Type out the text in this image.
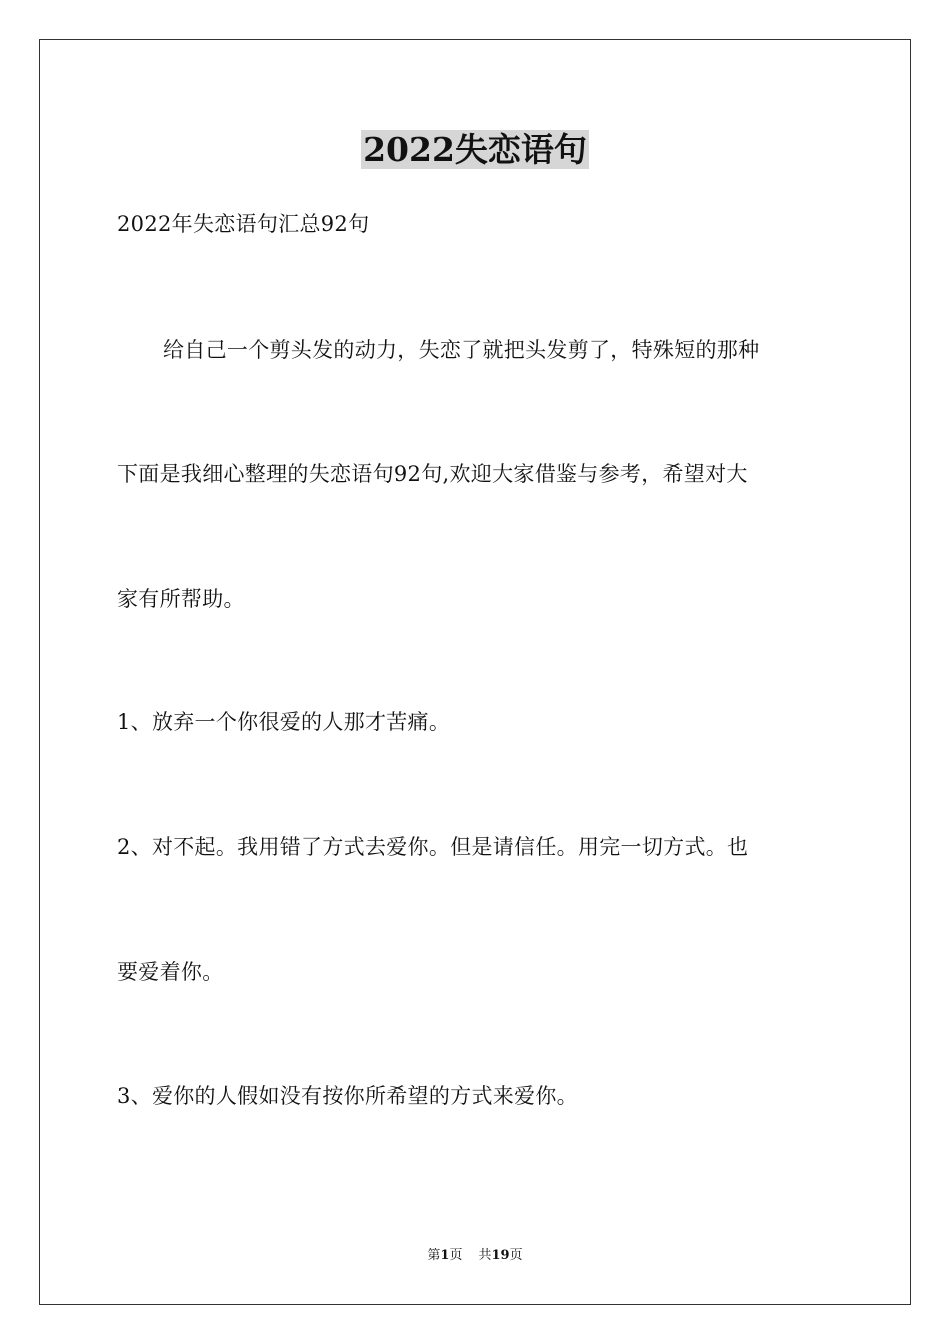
2022失恋语句
2022年失恋语句汇总92句
给自己一个剪头发的动力，失恋了就把头发剪了，特殊短的那种
下面是我细心整理的失恋语句92句,欢迎大家借鉴与参考，希望对大
家有所帮助。
1、放弃一个你很爱的人那才苦痛。
2、对不起。我用错了方式去爱你。但是请信任。用完一切方式。也
要爱着你。
3、爱你的人假如没有按你所希望的方式来爱你。
第1页 共19页
